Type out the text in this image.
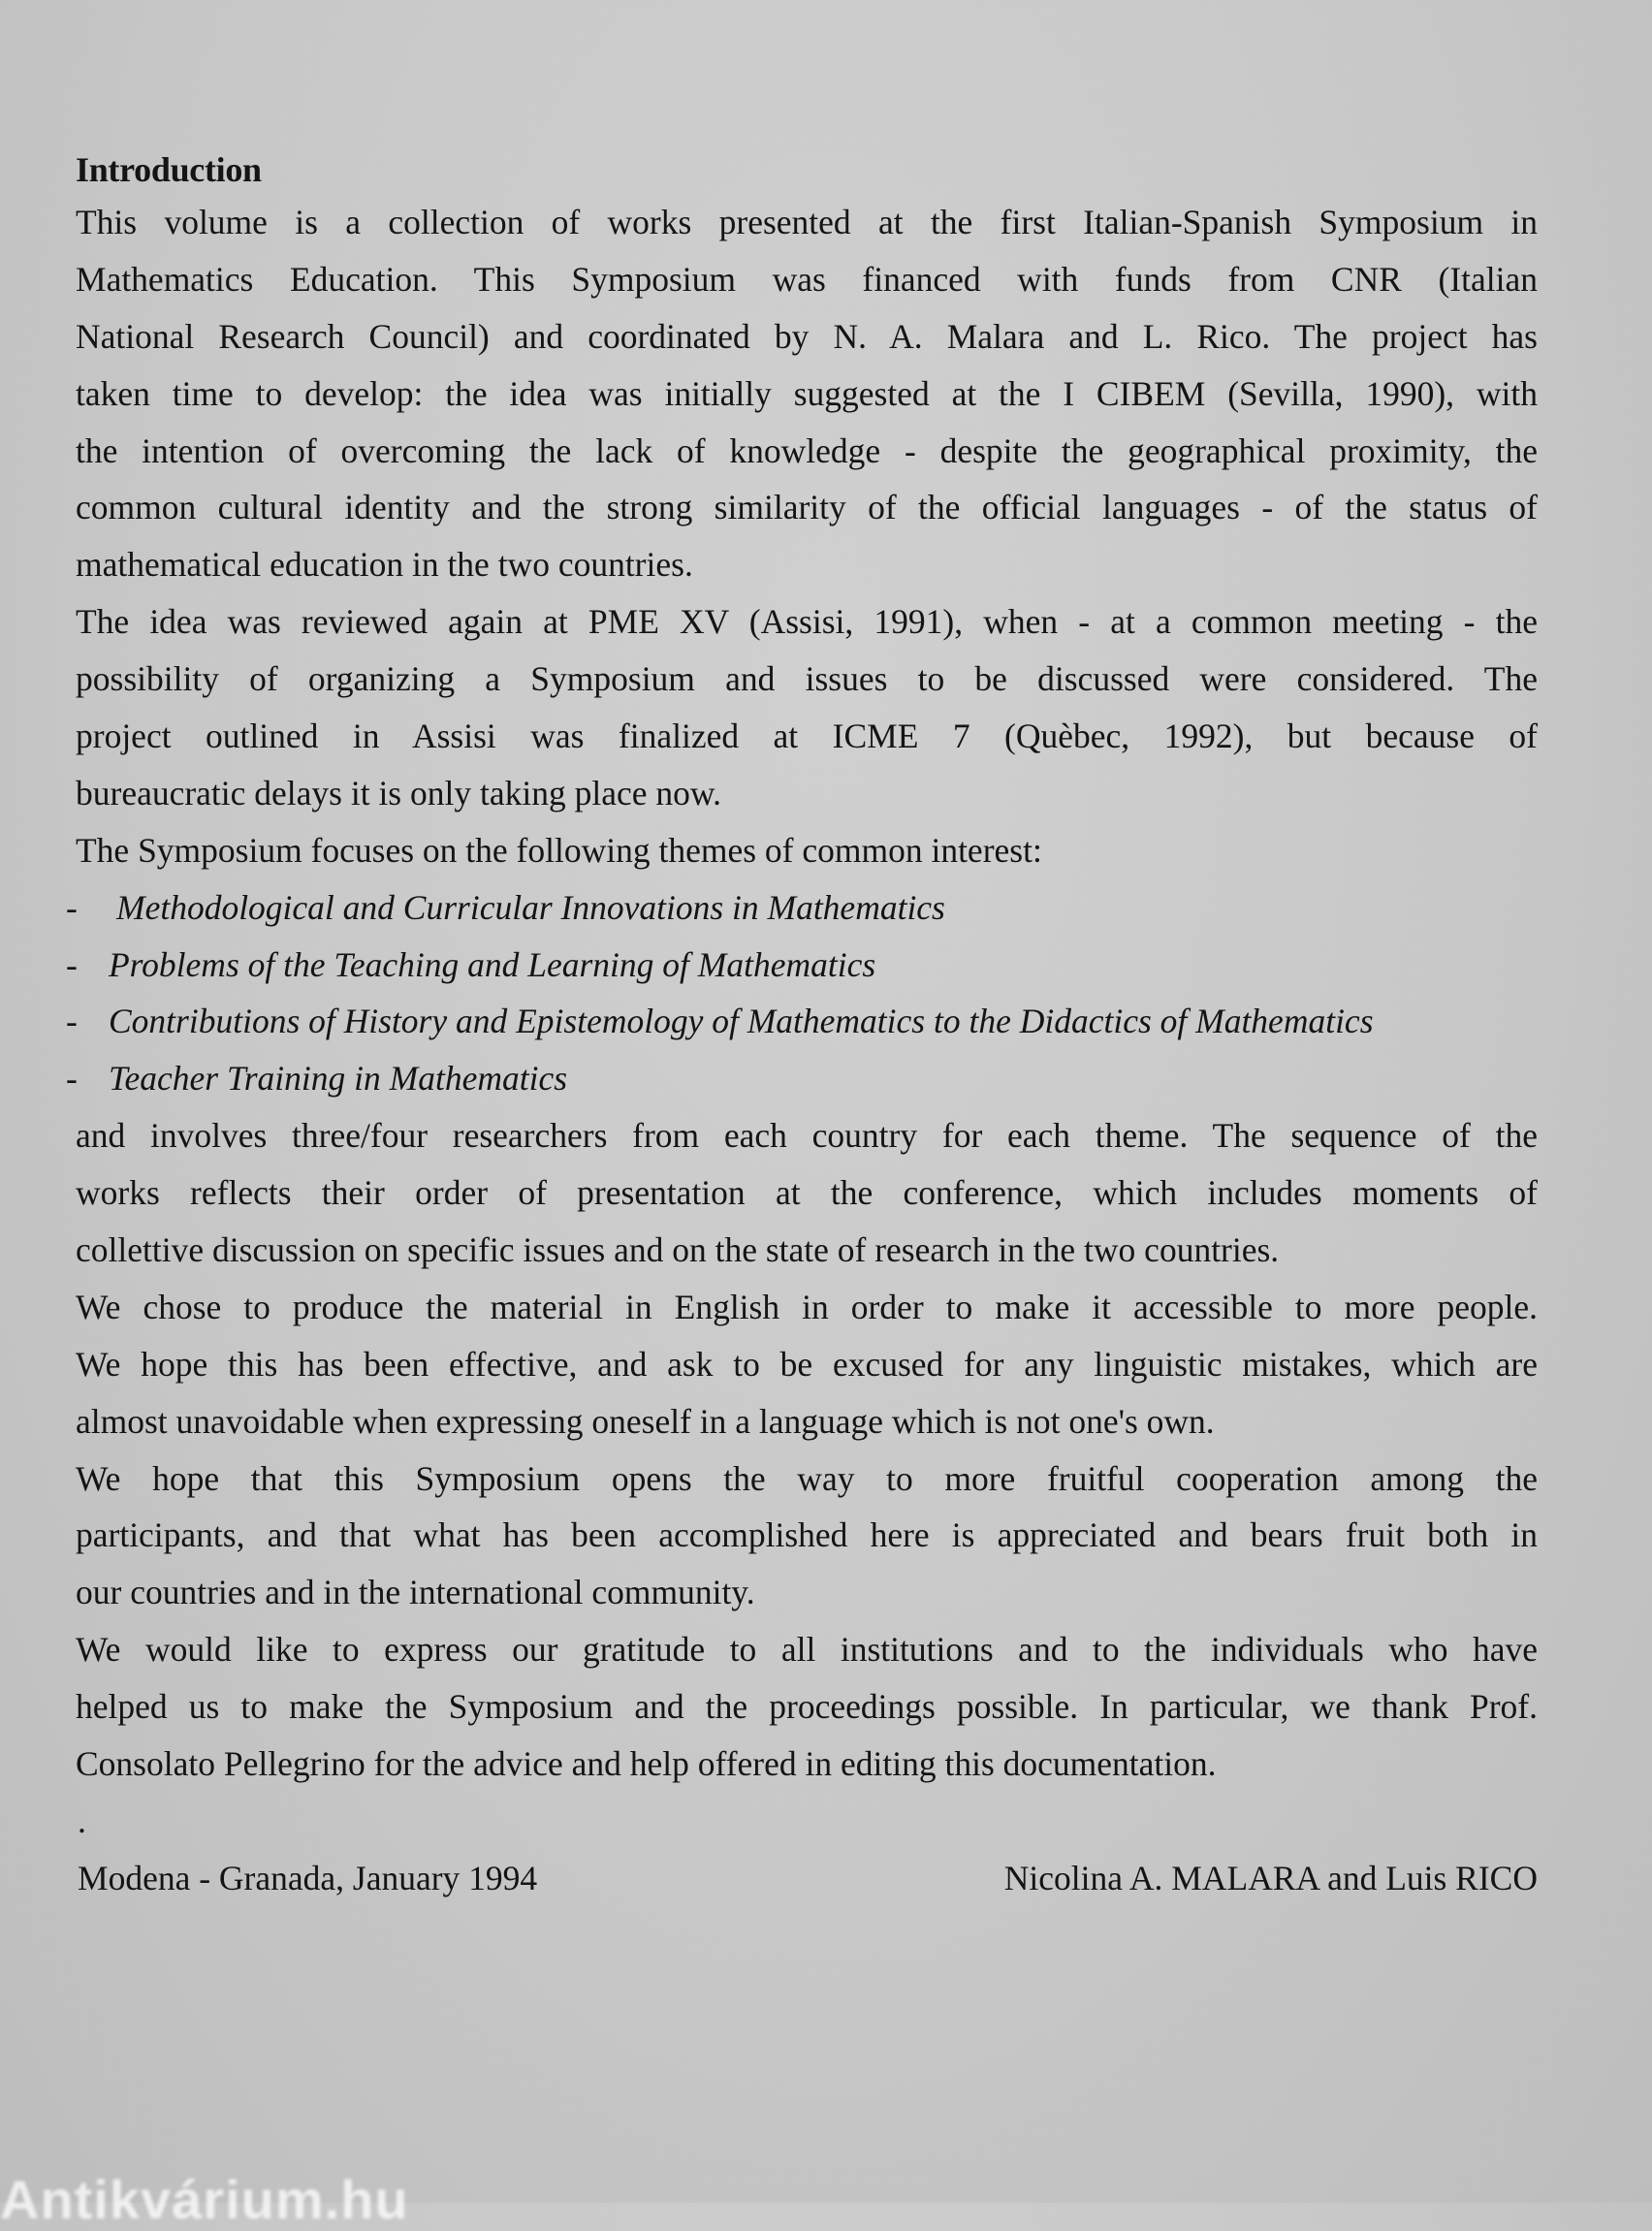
Introduction
This volume is a collection of works presented at the first Italian-Spanish Symposium in
Mathematics Education. This Symposium was financed with funds from CNR (Italian
National Research Council) and coordinated by N. A. Malara and L. Rico. The project has
taken time to develop: the idea was initially suggested at the I CIBEM (Sevilla, 1990), with
the intention of overcoming the lack of knowledge - despite the geographical proximity, the
common cultural identity and the strong similarity of the official languages - of the status of
mathematical education in the two countries.
The idea was reviewed again at PME XV (Assisi, 1991), when - at a common meeting - the
possibility of organizing a Symposium and issues to be discussed were considered. The
project outlined in Assisi was finalized at ICME 7 (Quèbec, 1992), but because of
bureaucratic delays it is only taking place now.
The Symposium focuses on the following themes of common interest:
- Methodological and Curricular Innovations in Mathematics
- Problems of the Teaching and Learning of Mathematics
- Contributions of History and Epistemology of Mathematics to the Didactics of Mathematics
- Teacher Training in Mathematics
and involves three/four researchers from each country for each theme. The sequence of the
works reflects their order of presentation at the conference, which includes moments of
collettive discussion on specific issues and on the state of research in the two countries.
We chose to produce the material in English in order to make it accessible to more people.
We hope this has been effective, and ask to be excused for any linguistic mistakes, which are
almost unavoidable when expressing oneself in a language which is not one's own.
We hope that this Symposium opens the way to more fruitful cooperation among the
participants, and that what has been accomplished here is appreciated and bears fruit both in
our countries and in the international community.
We would like to express our gratitude to all institutions and to the individuals who have
helped us to make the Symposium and the proceedings possible. In particular, we thank Prof.
Consolato Pellegrino for the advice and help offered in editing this documentation.
.
Modena - Granada, January 1994	Nicolina A. MALARA and Luis RICO
Antikvárium.hu
